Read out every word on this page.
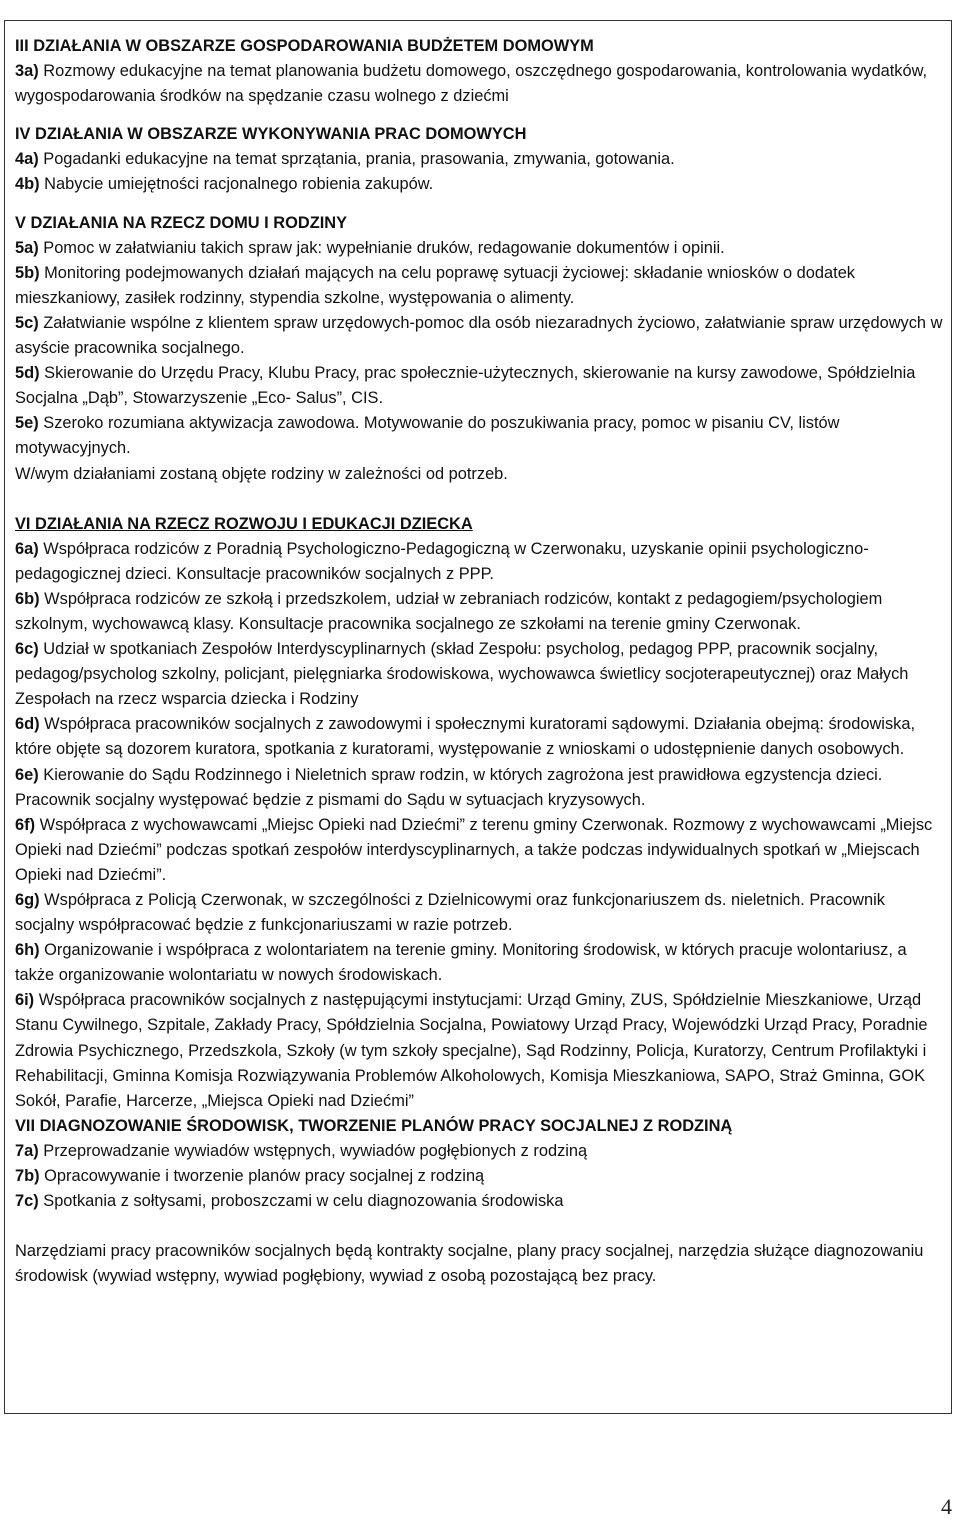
III DZIAŁANIA W OBSZARZE GOSPODAROWANIA BUDŻETEM DOMOWYM

3a) Rozmowy edukacyjne na temat planowania budżetu domowego, oszczędnego gospodarowania, kontrolowania wydatków, wygospodarowania środków na spędzanie czasu wolnego z dziećmi

IV DZIAŁANIA W OBSZARZE WYKONYWANIA PRAC DOMOWYCH

4a) Pogadanki edukacyjne na temat sprzątania, prania, prasowania, zmywania, gotowania.

4b) Nabycie umiejętności racjonalnego robienia zakupów.

V DZIAŁANIA NA RZECZ DOMU I RODZINY

5a) Pomoc w załatwianiu takich spraw jak: wypełnianie druków, redagowanie dokumentów i opinii.

5b) Monitoring podejmowanych działań mających na celu poprawę sytuacji życiowej: składanie wniosków o dodatek mieszkaniowy, zasiłek rodzinny, stypendia szkolne, występowania o alimenty.

5c) Załatwianie wspólne z klientem spraw urzędowych-pomoc dla osób niezaradnych życiowo, załatwianie spraw urzędowych w asyście pracownika socjalnego.

5d) Skierowanie do Urzędu Pracy, Klubu Pracy, prac społecznie-użytecznych, skierowanie na kursy zawodowe, Spółdzielnia Socjalna „Dąb”, Stowarzyszenie „Eco- Salus”, CIS.

5e) Szeroko rozumiana aktywizacja zawodowa. Motywowanie do poszukiwania pracy, pomoc w pisaniu CV, listów motywacyjnych.

W/wym działaniami zostaną objęte rodziny w zależności od potrzeb.

VI DZIAŁANIA NA RZECZ ROZWOJU I EDUKACJI DZIECKA

6a) Współpraca rodziców z Poradnią Psychologiczno-Pedagogiczną w Czerwonaku, uzyskanie opinii psychologiczno-pedagogicznej dzieci. Konsultacje pracowników socjalnych z PPP.

6b) Współpraca rodziców ze szkołą i przedszkolem, udział w zebraniach rodziców, kontakt z pedagogiem/psychologiem szkolnym, wychowawcą klasy. Konsultacje pracownika socjalnego ze szkołami na terenie gminy Czerwonak.

6c) Udział w spotkaniach Zespołów Interdyscyplinarnych (skład Zespołu: psycholog, pedagog PPP, pracownik socjalny, pedagog/psycholog szkolny, policjant, pielęgniarka środowiskowa, wychowawca świetlicy socjoterapeutycznej) oraz Małych Zespołach na rzecz wsparcia dziecka i Rodziny

6d) Współpraca pracowników socjalnych z zawodowymi i społecznymi kuratorami sądowymi. Działania obejmą: środowiska, które objęte są dozorem kuratora, spotkania z kuratorami, występowanie z wnioskami o udostępnienie danych osobowych.

6e) Kierowanie do Sądu Rodzinnego i Nieletnich spraw rodzin, w których zagrożona jest prawidłowa egzystencja dzieci. Pracownik socjalny występować będzie z pismami do Sądu w sytuacjach kryzysowych.

6f) Współpraca z wychowawcami „Miejsc Opieki nad Dziećmi” z terenu gminy Czerwonak. Rozmowy z wychowawcami „Miejsc Opieki nad Dziećmi” podczas spotkań zespołów interdyscyplinarnych, a także podczas indywidualnych spotkań w „Miejscach Opieki nad Dziećmi”.

6g) Współpraca z Policją Czerwonak, w szczególności z Dzielnicowymi oraz funkcjonariuszem ds. nieletnich. Pracownik socjalny współpracować będzie z funkcjonariuszami w razie potrzeb.

6h) Organizowanie i współpraca z wolontariatem na terenie gminy. Monitoring środowisk, w których pracuje wolontariusz, a także organizowanie wolontariatu w nowych środowiskach.

6i) Współpraca pracowników socjalnych z następującymi instytucjami: Urząd Gminy, ZUS, Spółdzielnie Mieszkaniowe, Urząd Stanu Cywilnego, Szpitale, Zakłady Pracy, Spółdzielnia Socjalna, Powiatowy Urząd Pracy, Wojewódzki Urząd Pracy, Poradnie Zdrowia Psychicznego, Przedszkola, Szkoły (w tym szkoły specjalne), Sąd Rodzinny, Policja, Kuratorzy, Centrum Profilaktyki i Rehabilitacji, Gminna Komisja Rozwiązywania Problemów Alkoholowych, Komisja Mieszkaniowa, SAPO, Straż Gminna, GOK Sokół, Parafie, Harcerze, „Miejsca Opieki nad Dziećmi”

VII DIAGNOZOWANIE ŚRODOWISK, TWORZENIE PLANÓW PRACY SOCJALNEJ Z RODZINĄ

7a) Przeprowadzanie wywiadów wstępnych, wywiadów pogłębionych z rodziną

7b) Opracowywanie i tworzenie planów pracy socjalnej z rodziną

7c) Spotkania z sołtysami, proboszczami w celu diagnozowania środowiska

Narzędziami pracy pracowników socjalnych będą kontrakty socjalne, plany pracy socjalnej, narzędzia służące diagnozowaniu środowisk (wywiad wstępny, wywiad pogłębiony, wywiad z osobą pozostającą bez pracy.

4
